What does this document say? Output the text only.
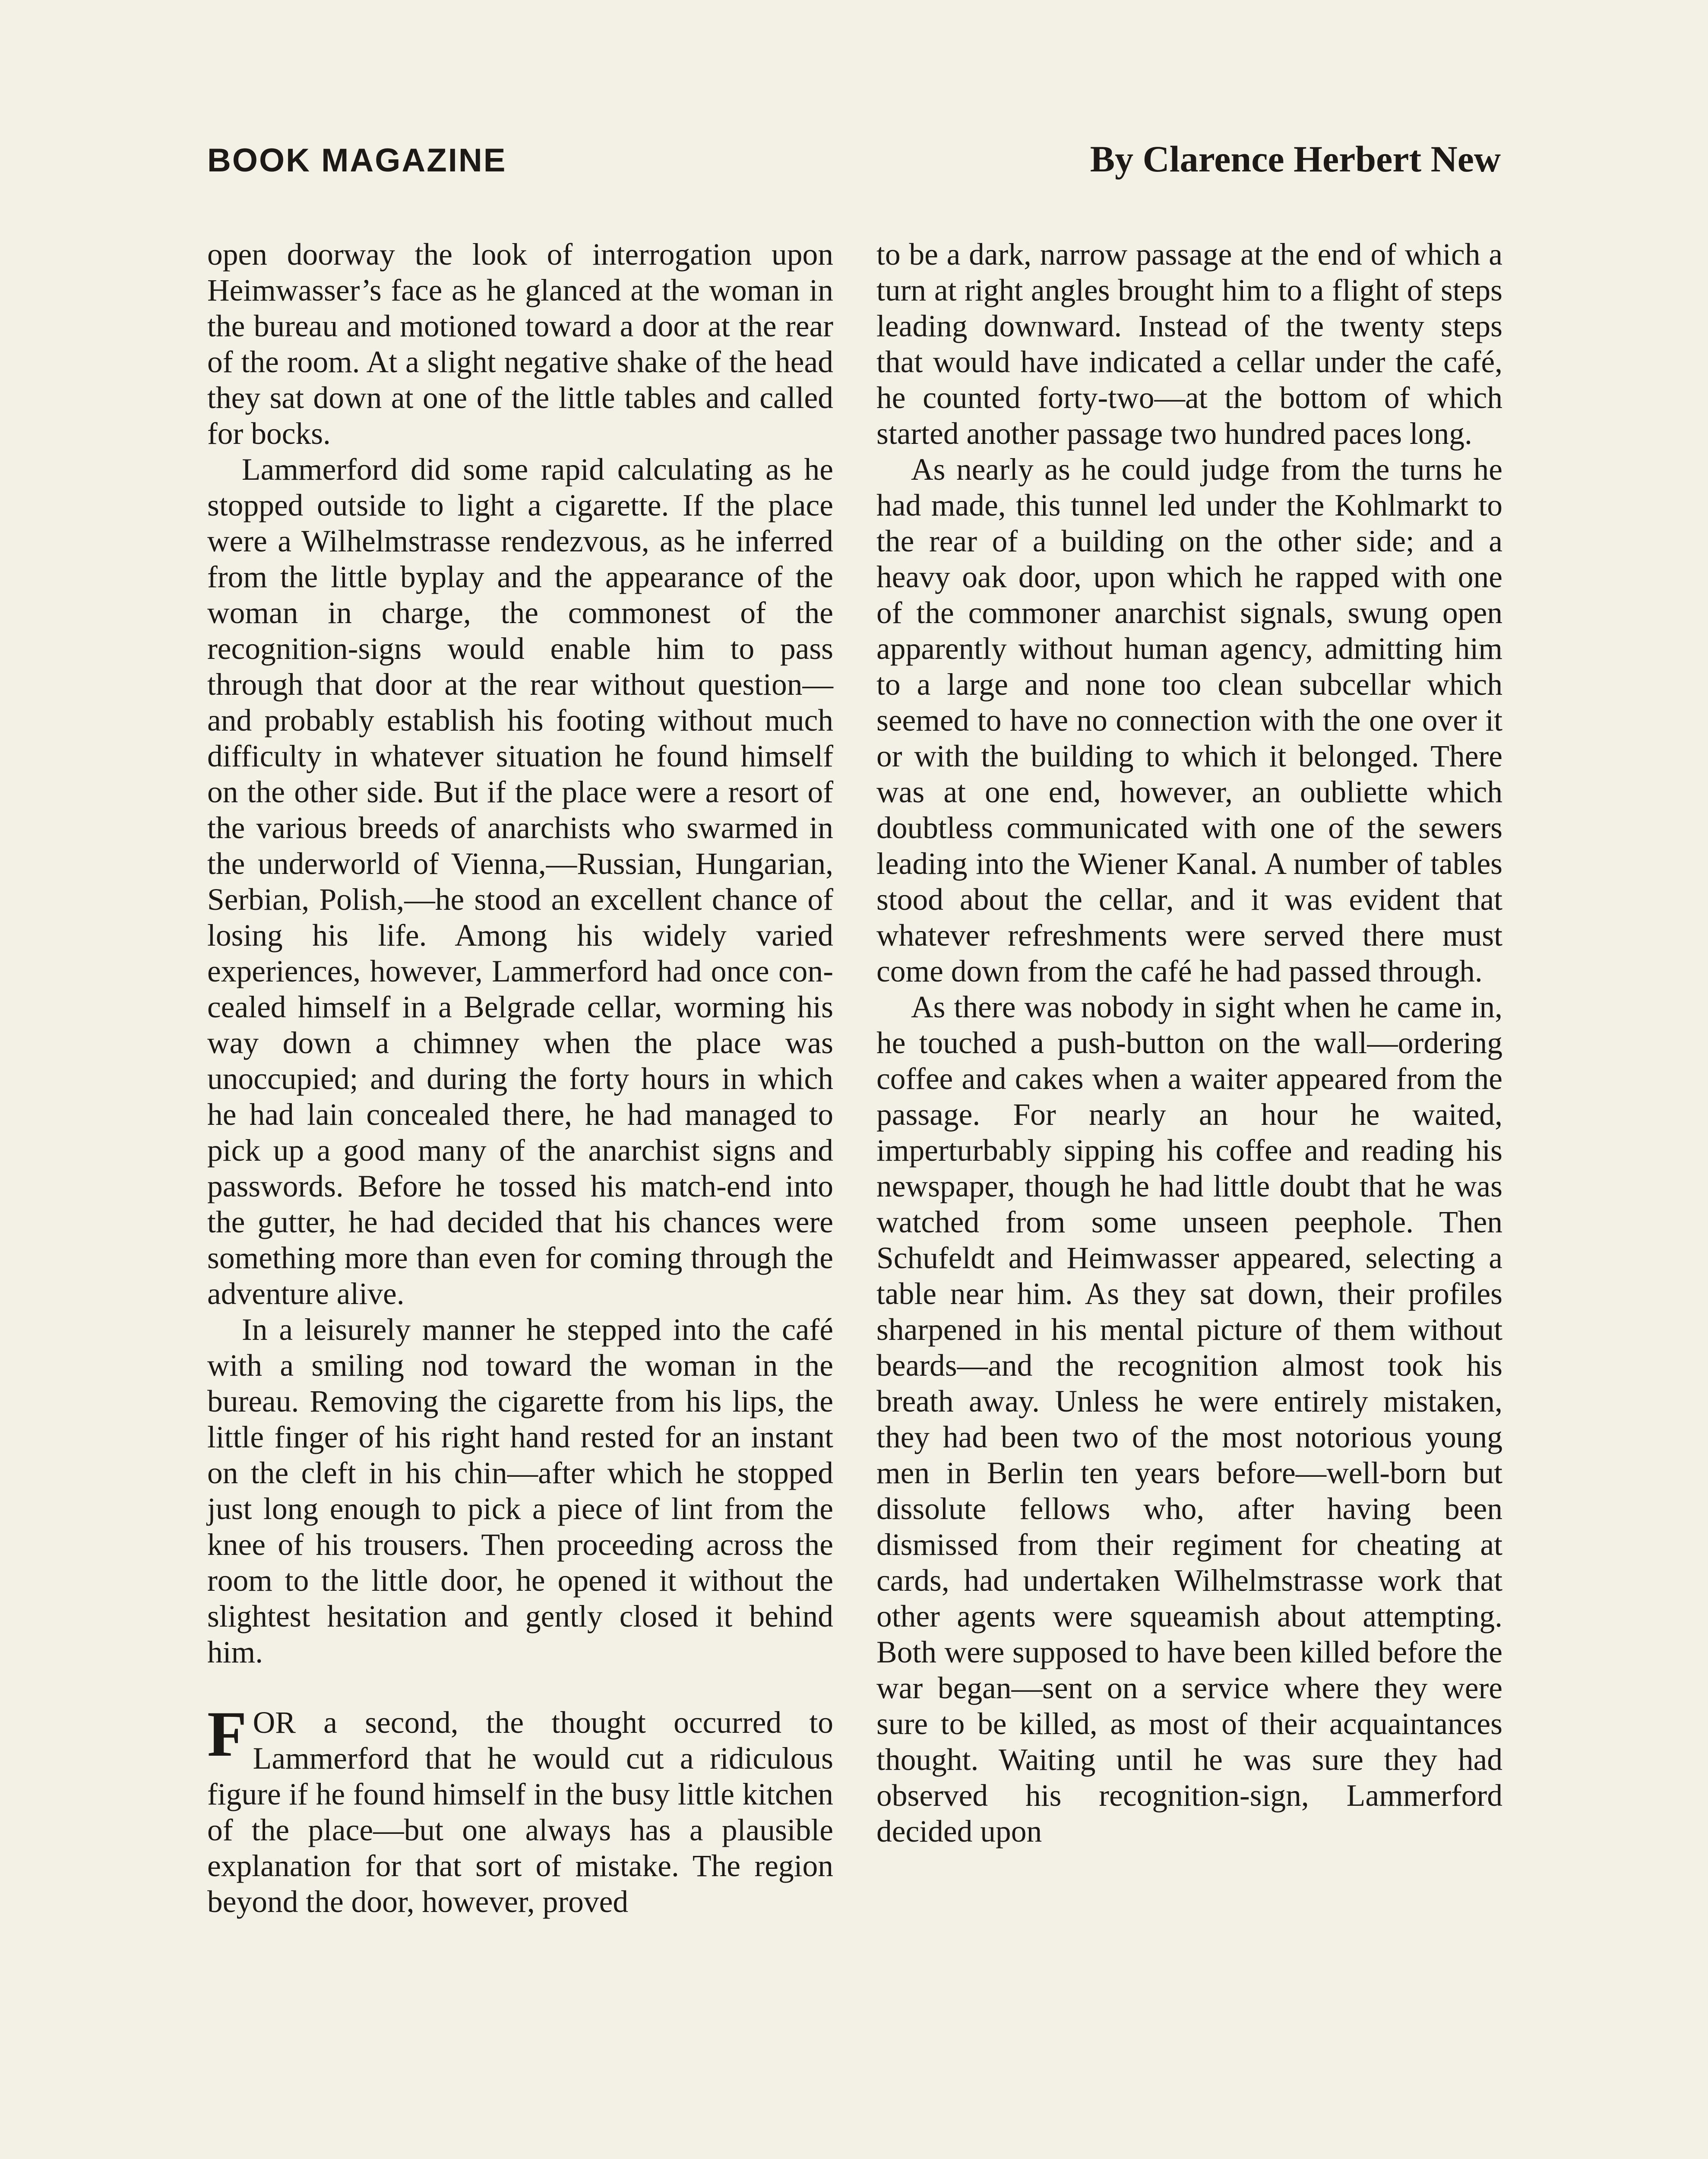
BOOK MAGAZINE	By Clarence Herbert New

open doorway the look of interrogation upon Heimwasser’s face as he glanced at the woman in the bureau and motioned toward a door at the rear of the room. At a slight negative shake of the head they sat down at one of the little tables and called for bocks.

Lammerford did some rapid calculating as he stopped outside to light a cigarette. If the place were a Wilhelmstrasse rendezvous, as he inferred from the little byplay and the appearance of the woman in charge, the commonest of the recognition-signs would enable him to pass through that door at the rear without question—and probably establish his footing without much difficulty in whatever situation he found himself on the other side. But if the place were a resort of the various breeds of anarchists who swarmed in the underworld of Vienna,—Russian, Hungarian, Serbian, Polish,—he stood an excellent chance of losing his life. Among his widely varied experiences, however, Lammerford had once concealed himself in a Belgrade cellar, worming his way down a chimney when the place was unoccupied; and during the forty hours in which he had lain concealed there, he had managed to pick up a good many of the anarchist signs and passwords. Before he tossed his match-end into the gutter, he had decided that his chances were something more than even for coming through the adventure alive.

In a leisurely manner he stepped into the café with a smiling nod toward the woman in the bureau. Removing the cigarette from his lips, the little finger of his right hand rested for an instant on the cleft in his chin—after which he stopped just long enough to pick a piece of lint from the knee of his trousers. Then proceeding across the room to the little door, he opened it without the slightest hesitation and gently closed it behind him.

FOR a second, the thought occurred to Lammerford that he would cut a ridiculous figure if he found himself in the busy little kitchen of the place—but one always has a plausible explanation for that sort of mistake. The region beyond the door, however, proved

to be a dark, narrow passage at the end of which a turn at right angles brought him to a flight of steps leading downward. Instead of the twenty steps that would have indicated a cellar under the café, he counted forty-two—at the bottom of which started another passage two hundred paces long.

As nearly as he could judge from the turns he had made, this tunnel led under the Kohlmarkt to the rear of a building on the other side; and a heavy oak door, upon which he rapped with one of the commoner anarchist signals, swung open apparently without human agency, admitting him to a large and none too clean subcellar which seemed to have no connection with the one over it or with the building to which it belonged. There was at one end, however, an oubliette which doubtless communicated with one of the sewers leading into the Wiener Kanal. A number of tables stood about the cellar, and it was evident that whatever refreshments were served there must come down from the café he had passed through.

As there was nobody in sight when he came in, he touched a push-button on the wall—ordering coffee and cakes when a waiter appeared from the passage. For nearly an hour he waited, imperturbably sipping his coffee and reading his newspaper, though he had little doubt that he was watched from some unseen peephole. Then Schufeldt and Heimwasser appeared, selecting a table near him. As they sat down, their profiles sharpened in his mental picture of them without beards—and the recognition almost took his breath away. Unless he were entirely mistaken, they had been two of the most notorious young men in Berlin ten years before—well-born but dissolute fellows who, after having been dismissed from their regiment for cheating at cards, had undertaken Wilhelmstrasse work that other agents were squeamish about attempting. Both were supposed to have been killed before the war began—sent on a service where they were sure to be killed, as most of their acquaintances thought. Waiting until he was sure they had observed his recognition-sign, Lammerford decided upon
